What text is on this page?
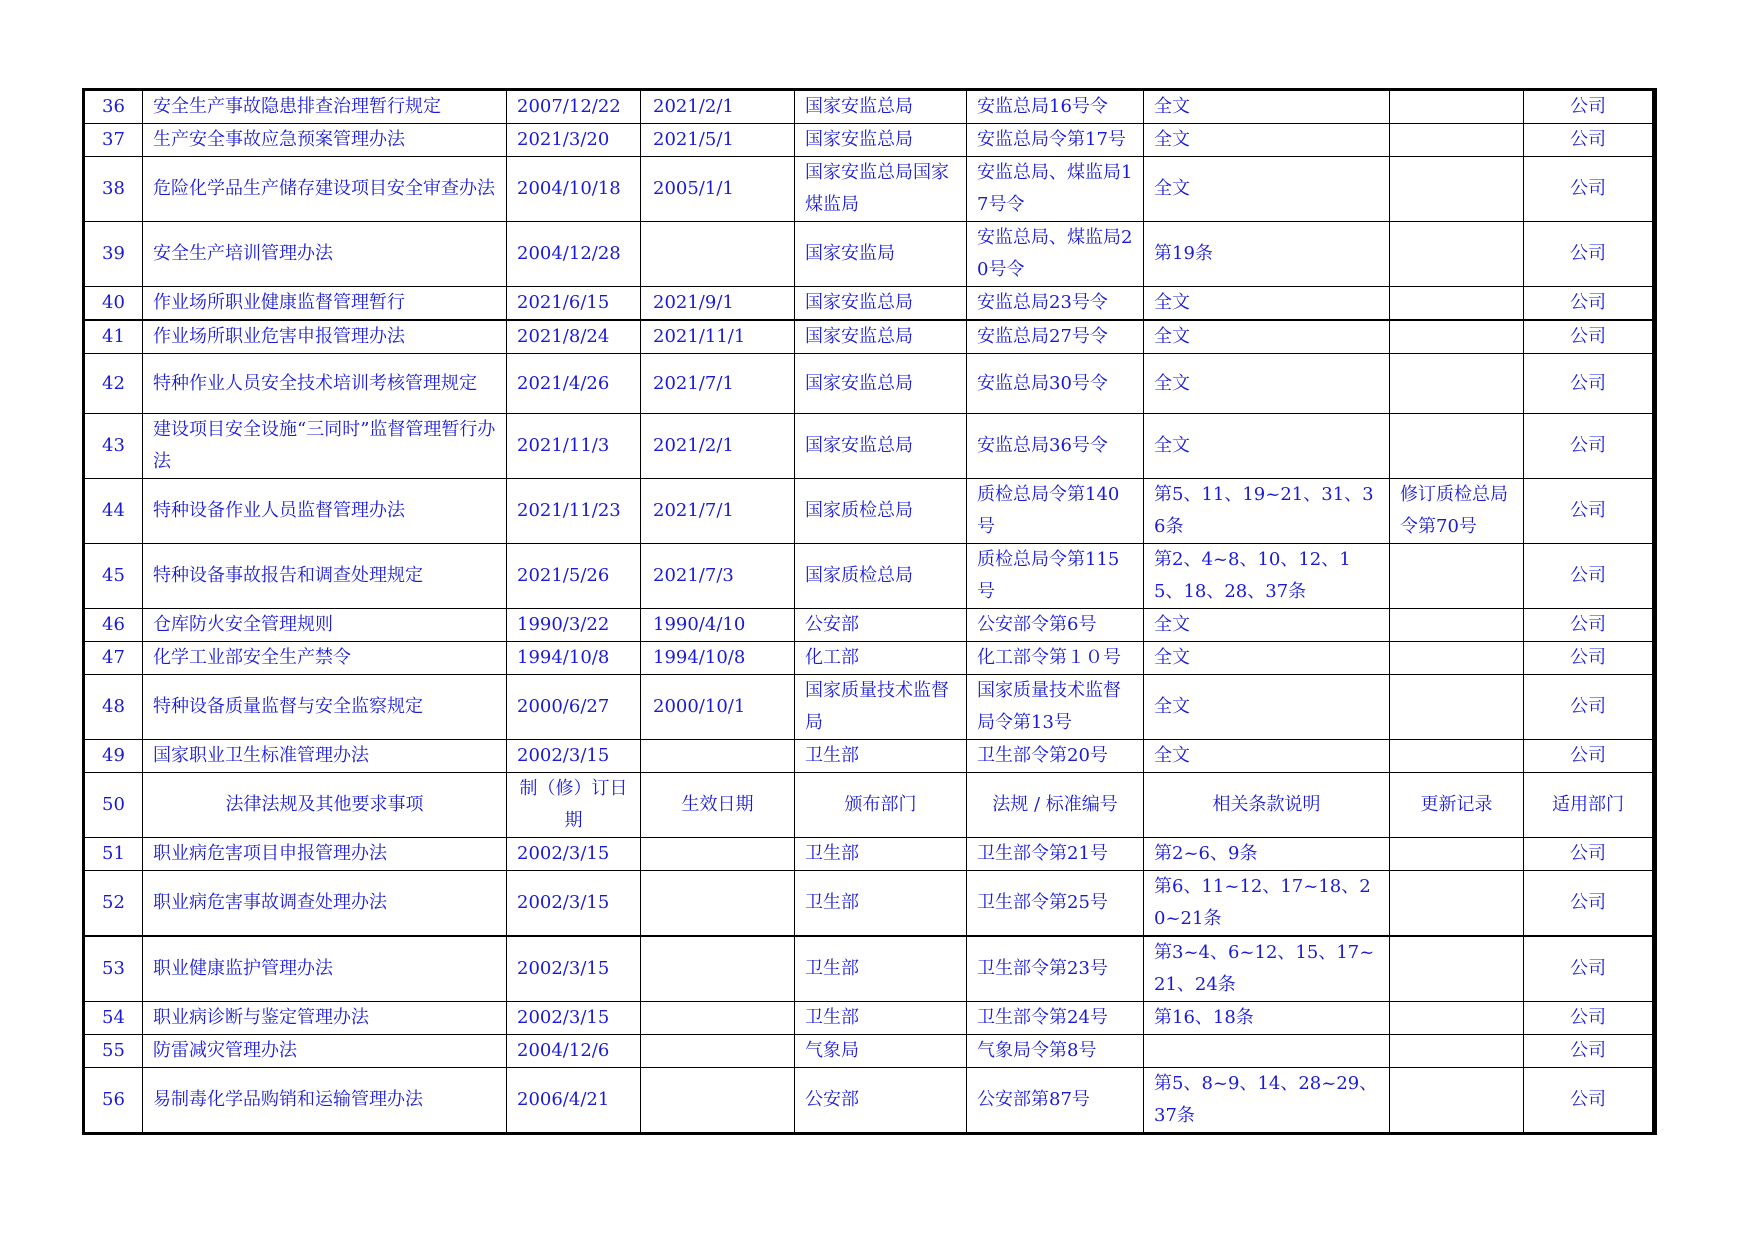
36	安全生产事故隐患排查治理暂行规定	2007/12/22	2021/2/1	国家安监总局	安监总局16号令	全文		公司
37	生产安全事故应急预案管理办法	2021/3/20	2021/5/1	国家安监总局	安监总局令第17号	全文		公司
38	危险化学品生产储存建设项目安全审查办法	2004/10/18	2005/1/1	国家安监总局国家煤监局	安监总局、煤监局17号令	全文		公司
39	安全生产培训管理办法	2004/12/28		国家安监局	安监总局、煤监局20号令	第19条		公司
40	作业场所职业健康监督管理暂行	2021/6/15	2021/9/1	国家安监总局	安监总局23号令	全文		公司
41	作业场所职业危害申报管理办法	2021/8/24	2021/11/1	国家安监总局	安监总局27号令	全文		公司
42	特种作业人员安全技术培训考核管理规定	2021/4/26	2021/7/1	国家安监总局	安监总局30号令	全文		公司
43	建设项目安全设施“三同时”监督管理暂行办法	2021/11/3	2021/2/1	国家安监总局	安监总局36号令	全文		公司
44	特种设备作业人员监督管理办法	2021/11/23	2021/7/1	国家质检总局	质检总局令第140号	第5、11、19~21、31、36条	修订质检总局令第70号	公司
45	特种设备事故报告和调查处理规定	2021/5/26	2021/7/3	国家质检总局	质检总局令第115号	第2、4~8、10、12、15、18、28、37条		公司
46	仓库防火安全管理规则	1990/3/22	1990/4/10	公安部	公安部令第6号	全文		公司
47	化学工业部安全生产禁令	1994/10/8	1994/10/8	化工部	化工部令第１０号	全文		公司
48	特种设备质量监督与安全监察规定	2000/6/27	2000/10/1	国家质量技术监督局	国家质量技术监督局令第13号	全文		公司
49	国家职业卫生标准管理办法	2002/3/15		卫生部	卫生部令第20号	全文		公司
50	法律法规及其他要求事项	制（修）订日期	生效日期	颁布部门	法规 / 标准编号	相关条款说明	更新记录	适用部门
51	职业病危害项目申报管理办法	2002/3/15		卫生部	卫生部令第21号	第2~6、9条		公司
52	职业病危害事故调查处理办法	2002/3/15		卫生部	卫生部令第25号	第6、11~12、17~18、20~21条		公司
53	职业健康监护管理办法	2002/3/15		卫生部	卫生部令第23号	第3~4、6~12、15、17~21、24条		公司
54	职业病诊断与鉴定管理办法	2002/3/15		卫生部	卫生部令第24号	第16、18条		公司
55	防雷减灾管理办法	2004/12/6		气象局	气象局令第8号			公司
56	易制毒化学品购销和运输管理办法	2006/4/21		公安部	公安部第87号	第5、8~9、14、28~29、37条		公司
